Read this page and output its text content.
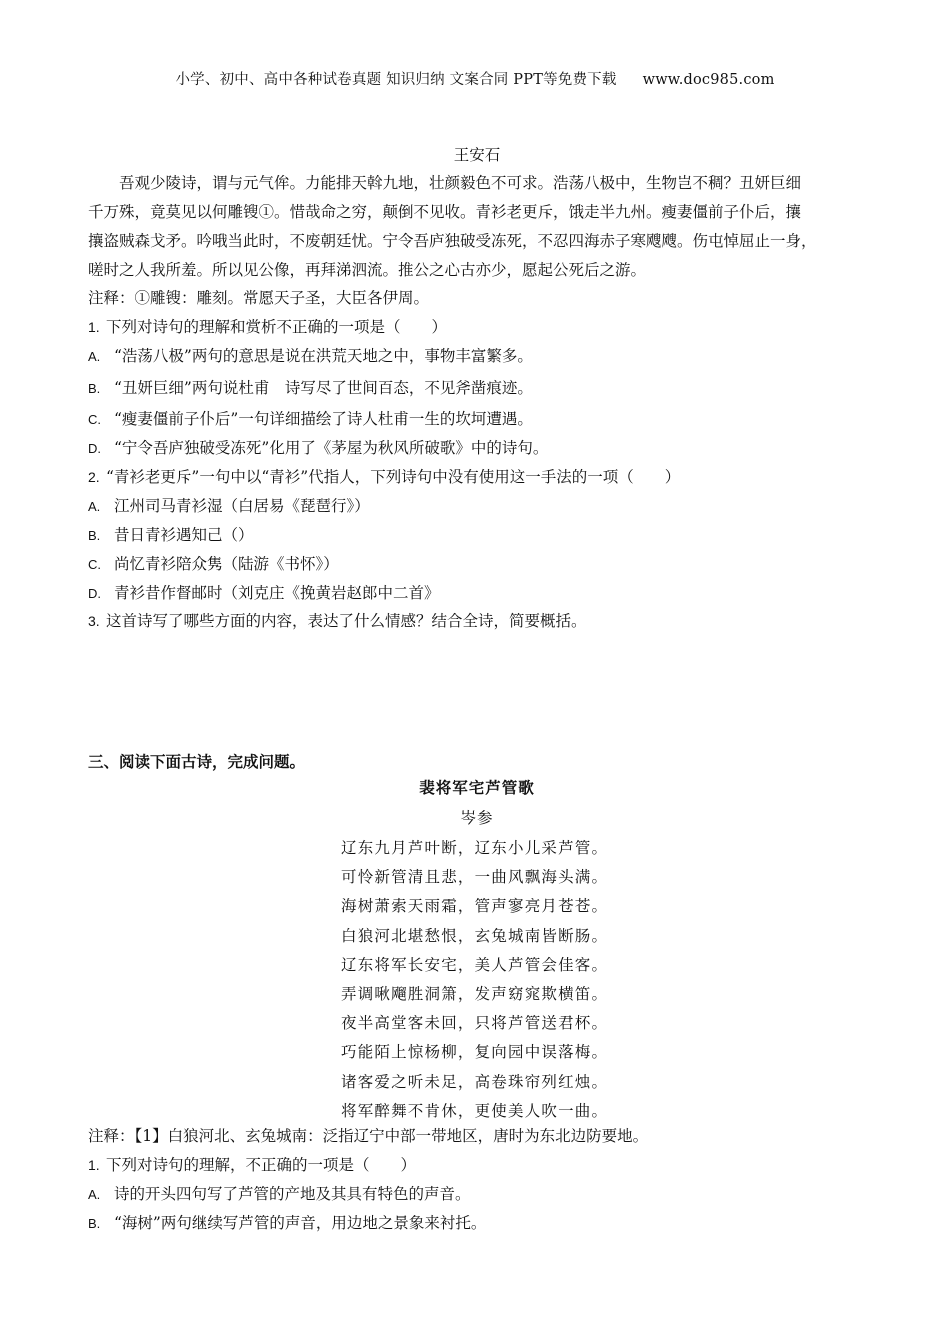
小学、初中、高中各种试卷真题 知识归纳 文案合同 PPT等免费下载 www.doc985.com
王安石
吾观少陵诗，谓与元气侔。力能排天斡九地，壮颜毅色不可求。浩荡八极中，生物岂不稠？丑妍巨细
千万殊，竟莫见以何雕锼①。惜哉命之穷，颠倒不见收。青衫老更斥，饿走半九州。瘦妻僵前子仆后，攘
攘盗贼森戈矛。吟哦当此时，不废朝廷忧。宁令吾庐独破受冻死，不忍四海赤子寒飕飕。伤屯悼屈止一身，
嗟时之人我所羞。所以见公像，再拜涕泗流。推公之心古亦少，愿起公死后之游。
注释：①雕锼：雕刻。常愿天子圣，大臣各伊周。
1. 下列对诗句的理解和赏析不正确的一项是（　　）
A. “浩荡八极”两句的意思是说在洪荒天地之中，事物丰富繁多。
B. “丑妍巨细”两句说杜甫　诗写尽了世间百态，不见斧凿痕迹。
C. “瘦妻僵前子仆后”一句详细描绘了诗人杜甫一生的坎坷遭遇。
D. “宁令吾庐独破受冻死”化用了《茅屋为秋风所破歌》中的诗句。
2. “青衫老更斥”一句中以“青衫”代指人，下列诗句中没有使用这一手法的一项（　　）
A. 江州司马青衫湿（白居易《琵琶行》）
B. 昔日青衫遇知己（）
C. 尚忆青衫陪众隽（陆游《书怀》）
D. 青衫昔作督邮时（刘克庄《挽黄岩赵郎中二首》
3. 这首诗写了哪些方面的内容，表达了什么情感？结合全诗，简要概括。
三、阅读下面古诗，完成问题。
裴将军宅芦管歌
岑参
辽东九月芦叶断，辽东小儿采芦管。
可怜新管清且悲，一曲风飘海头满。
海树萧索天雨霜，管声寥亮月苍苍。
白狼河北堪愁恨，玄兔城南皆断肠。
辽东将军长安宅，美人芦管会佳客。
弄调啾飗胜洞箫，发声窈窕欺横笛。
夜半高堂客未回，只将芦管送君杯。
巧能陌上惊杨柳，复向园中误落梅。
诸客爱之听未足，高卷珠帘列红烛。
将军醉舞不肯休，更使美人吹一曲。
注释：【1】白狼河北、玄兔城南：泛指辽宁中部一带地区，唐时为东北边防要地。
1. 下列对诗句的理解，不正确的一项是（　　）
A. 诗的开头四句写了芦管的产地及其具有特色的声音。
B. “海树”两句继续写芦管的声音，用边地之景象来衬托。
